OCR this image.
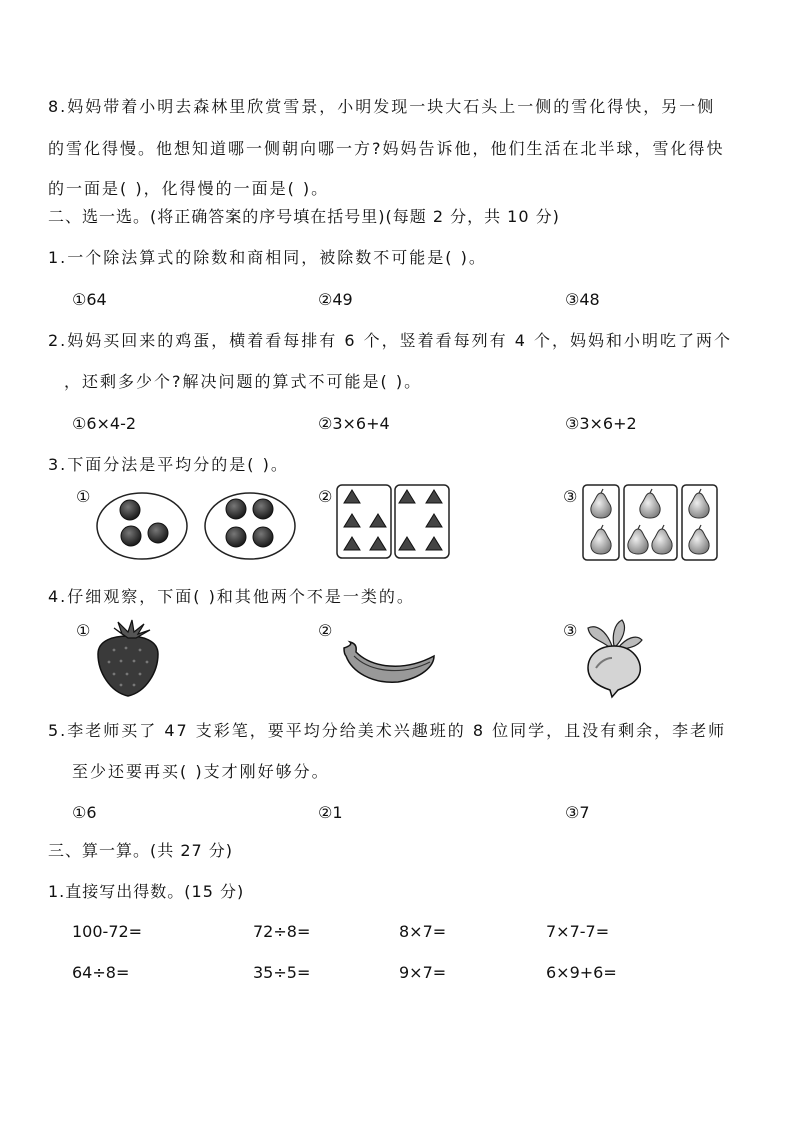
8.妈妈带着小明去森林里欣赏雪景，小明发现一块大石头上一侧的雪化得快，另一侧
的雪化得慢。他想知道哪一侧朝向哪一方?妈妈告诉他，他们生活在北半球，雪化得快
的一面是( )，化得慢的一面是( )。
二、选一选。(将正确答案的序号填在括号里)(每题 2 分，共 10 分)
1.一个除法算式的除数和商相同，被除数不可能是( )。
①64	②49	③48
2.妈妈买回来的鸡蛋，横着看每排有 6 个，竖着看每列有 4 个，妈妈和小明吃了两个
，还剩多少个?解决问题的算式不可能是( )。
①6×4-2	②3×6+4	③3×6+2
3.下面分法是平均分的是( )。
①	②	③
4.仔细观察，下面( )和其他两个不是一类的。
①	②	③
5.李老师买了 47 支彩笔，要平均分给美术兴趣班的 8 位同学，且没有剩余，李老师
至少还要再买( )支才刚好够分。
①6	②1	③7
三、算一算。(共 27 分)
1.直接写出得数。(15 分)
100-72=	72÷8=	8×7=	7×7-7=
64÷8=	35÷5=	9×7=	6×9+6=
